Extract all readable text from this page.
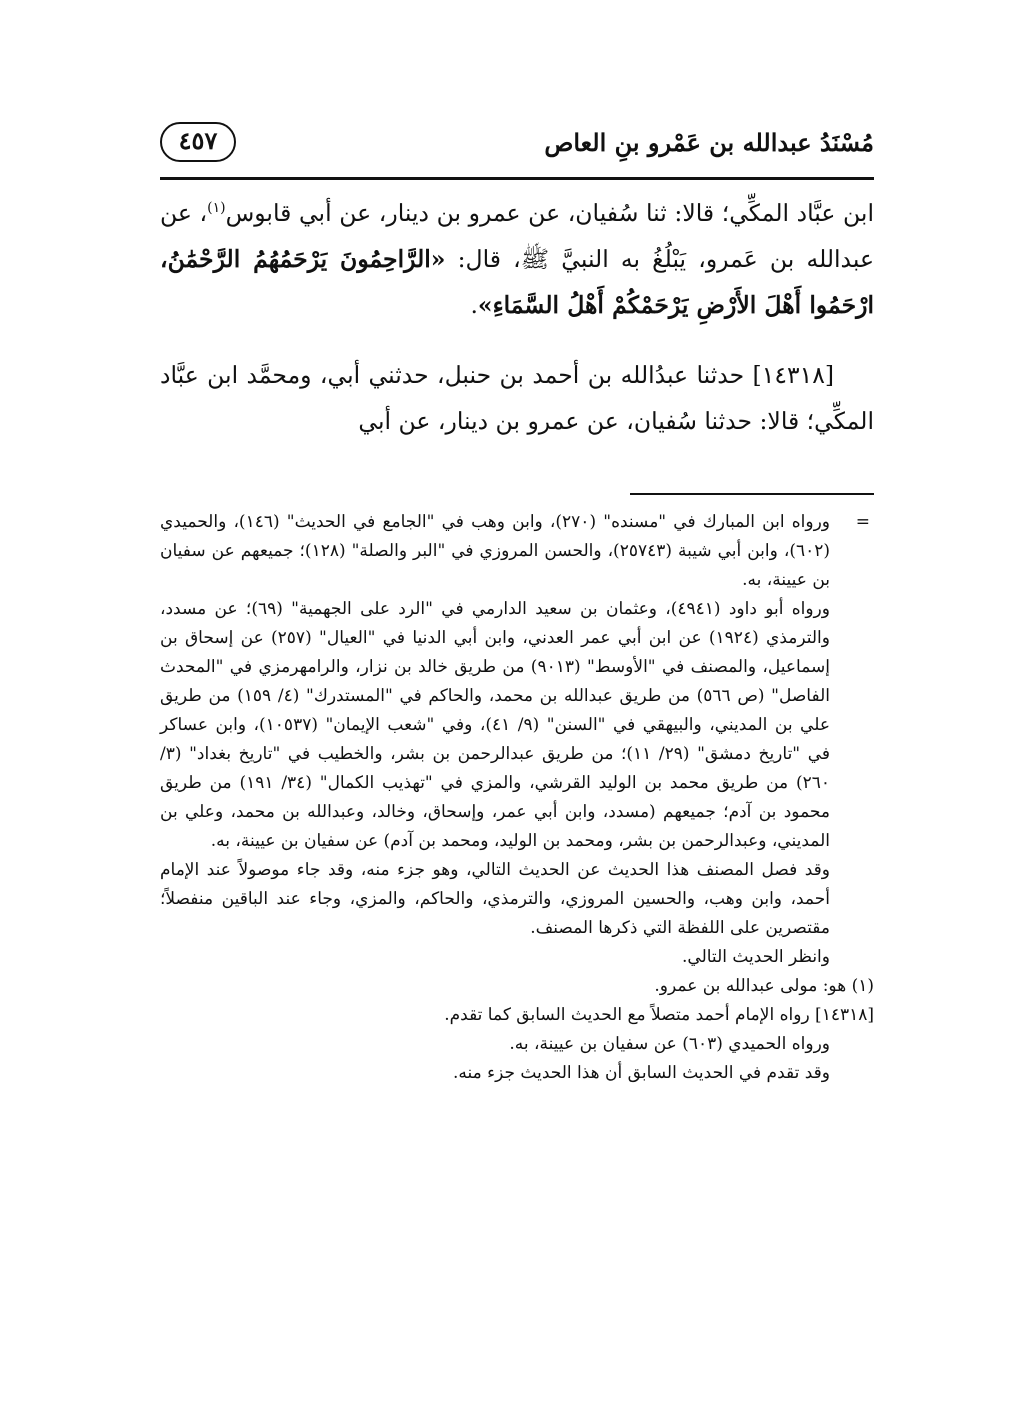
٤٥٧	مُسْنَدُ عبدالله بن عَمْرو بنِ العاص

ابن عبَّاد المكِّي؛ قالا: ثنا سُفيان، عن عمرو بن دينار، عن أبي قابوس$^{(١)}$، عن عبدالله بن عَمرو، يَبْلُغُ به النبيَّ ﷺ، قال: «الرَّاحِمُونَ يَرْحَمُهُمُ الرَّحْمَٰنُ، ارْحَمُوا أَهْلَ الأَرْضِ يَرْحَمْكُمْ أَهْلُ السَّمَاءِ».

[١٤٣١٨] حدثنا عبدُالله بن أحمد بن حنبل، حدثني أبي، ومحمَّد ابن عبَّاد المكِّي؛ قالا: حدثنا سُفيان، عن عمرو بن دينار، عن أبي

=
ورواه ابن المبارك في "مسنده" (٢٧٠)، وابن وهب في "الجامع في الحديث" (١٤٦)، والحميدي (٦٠٢)، وابن أبي شيبة (٢٥٧٤٣)، والحسن المروزي في "البر والصلة" (١٢٨)؛ جميعهم عن سفيان بن عيينة، به.

ورواه أبو داود (٤٩٤١)، وعثمان بن سعيد الدارمي في "الرد على الجهمية" (٦٩)؛ عن مسدد، والترمذي (١٩٢٤) عن ابن أبي عمر العدني، وابن أبي الدنيا في "العيال" (٢٥٧) عن إسحاق بن إسماعيل، والمصنف في "الأوسط" (٩٠١٣) من طريق خالد بن نزار، والرامهرمزي في "المحدث الفاصل" (ص ٥٦٦) من طريق عبدالله بن محمد، والحاكم في "المستدرك" (٤/ ١٥٩) من طريق علي بن المديني، والبيهقي في "السنن" (٩/ ٤١)، وفي "شعب الإيمان" (١٠٥٣٧)، وابن عساكر في "تاريخ دمشق" (٢٩/ ١١)؛ من طريق عبدالرحمن بن بشر، والخطيب في "تاريخ بغداد" (٣/ ٢٦٠) من طريق محمد بن الوليد القرشي، والمزي في "تهذيب الكمال" (٣٤/ ١٩١) من طريق محمود بن آدم؛ جميعهم (مسدد، وابن أبي عمر، وإسحاق، وخالد، وعبدالله بن محمد، وعلي بن المديني، وعبدالرحمن بن بشر، ومحمد بن الوليد، ومحمد بن آدم) عن سفيان بن عيينة، به.

وقد فصل المصنف هذا الحديث عن الحديث التالي، وهو جزء منه، وقد جاء موصولاً عند الإمام أحمد، وابن وهب، والحسين المروزي، والترمذي، والحاكم، والمزي، وجاء عند الباقين منفصلاً؛ مقتصرين على اللفظة التي ذكرها المصنف.

وانظر الحديث التالي.

(١) هو: مولى عبدالله بن عمرو.

[١٤٣١٨] رواه الإمام أحمد متصلاً مع الحديث السابق كما تقدم.

ورواه الحميدي (٦٠٣) عن سفيان بن عيينة، به.

وقد تقدم في الحديث السابق أن هذا الحديث جزء منه.
